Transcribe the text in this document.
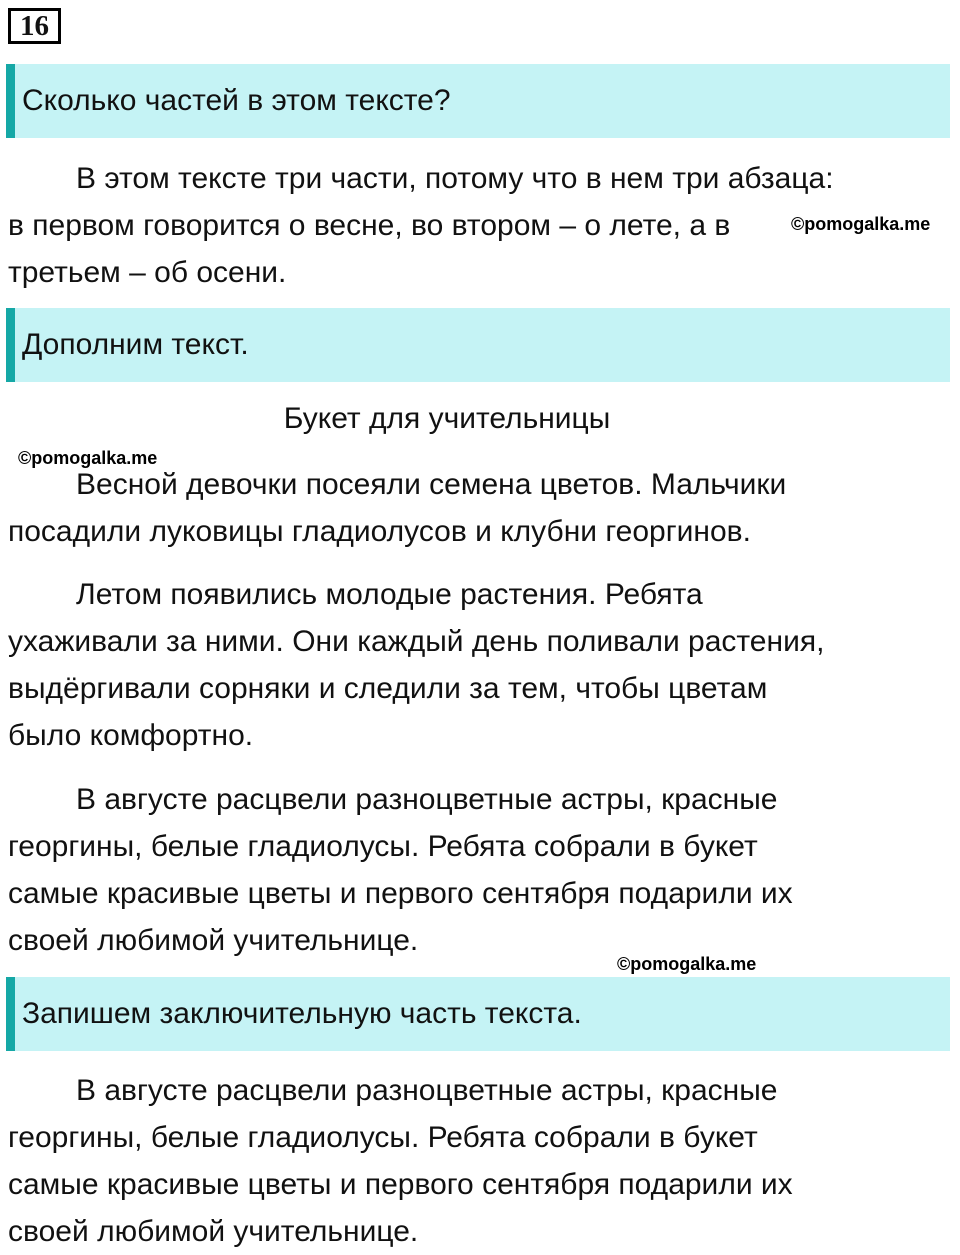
16
Сколько частей в этом тексте?

В этом тексте три части, потому что в нем три абзаца:
в первом говорится о весне, во втором – о лете, а в
третьем – об осени.

©pomogalka.me
Дополним текст.
Букет для учительницы
©pomogalka.me

Весной девочки посеяли семена цветов. Мальчики
посадили луковицы гладиолусов и клубни георгинов.

Летом появились молодые растения. Ребята
ухаживали за ними. Они каждый день поливали растения,
выдёргивали сорняки и следили за тем, чтобы цветам
было комфортно.

В августе расцвели разноцветные астры, красные
георгины, белые гладиолусы. Ребята собрали в букет
самые красивые цветы и первого сентября подарили их
своей любимой учительнице.

©pomogalka.me
Запишем заключительную часть текста.

В августе расцвели разноцветные астры, красные
георгины, белые гладиолусы. Ребята собрали в букет
самые красивые цветы и первого сентября подарили их
своей любимой учительнице.
